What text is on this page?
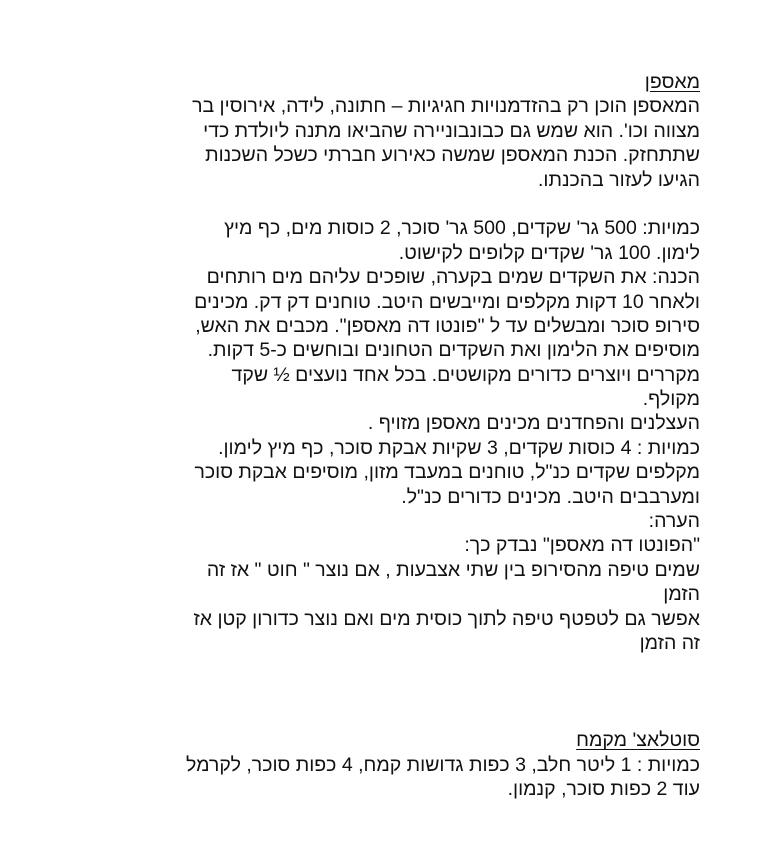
מאספן
המאספן הוכן רק בהזדמנויות חגיגיות – חתונה, לידה, אירוסין בר
מצווה וכו'. הוא שמש גם כבונבוניירה שהביאו מתנה ליולדת כדי
שתתחזק. הכנת המאספן שמשה כאירוע חברתי כשכל השכנות
הגיעו לעזור בהכנתו.
כמויות: 500 גר' שקדים, 500 גר' סוכר, 2 כוסות מים, כף מיץ
לימון. 100 גר' שקדים קלופים לקישוט.
הכנה: את השקדים שמים בקערה, שופכים עליהם מים רותחים
ולאחר 10 דקות מקלפים ומייבשים היטב. טוחנים דק דק. מכינים
סירופ סוכר ומבשלים עד ל "פונטו דה מאספן". מכבים את האש,
מוסיפים את הלימון ואת השקדים הטחונים ובוחשים כ-5 דקות.
מקררים ויוצרים כדורים מקושטים. בכל אחד נועצים ½ שקד
מקולף.
העצלנים והפחדנים מכינים מאספן מזויף .
כמויות : 4 כוסות שקדים, 3 שקיות אבקת סוכר, כף מיץ לימון.
מקלפים שקדים כנ"ל, טוחנים במעבד מזון, מוסיפים אבקת סוכר
ומערבבים היטב. מכינים כדורים כנ"ל.
הערה:
"הפונטו דה מאספן" נבדק כך:
שמים טיפה מהסירופ בין שתי אצבעות , אם נוצר " חוט " אז זה
הזמן
אפשר גם לטפטף טיפה לתוך כוסית מים ואם נוצר כדורון קטן אז
זה הזמן
סוטלאצ' מקמח
כמויות : 1 ליטר חלב, 3 כפות גדושות קמח, 4 כפות סוכר, לקרמל
עוד 2 כפות סוכר, קנמון.
